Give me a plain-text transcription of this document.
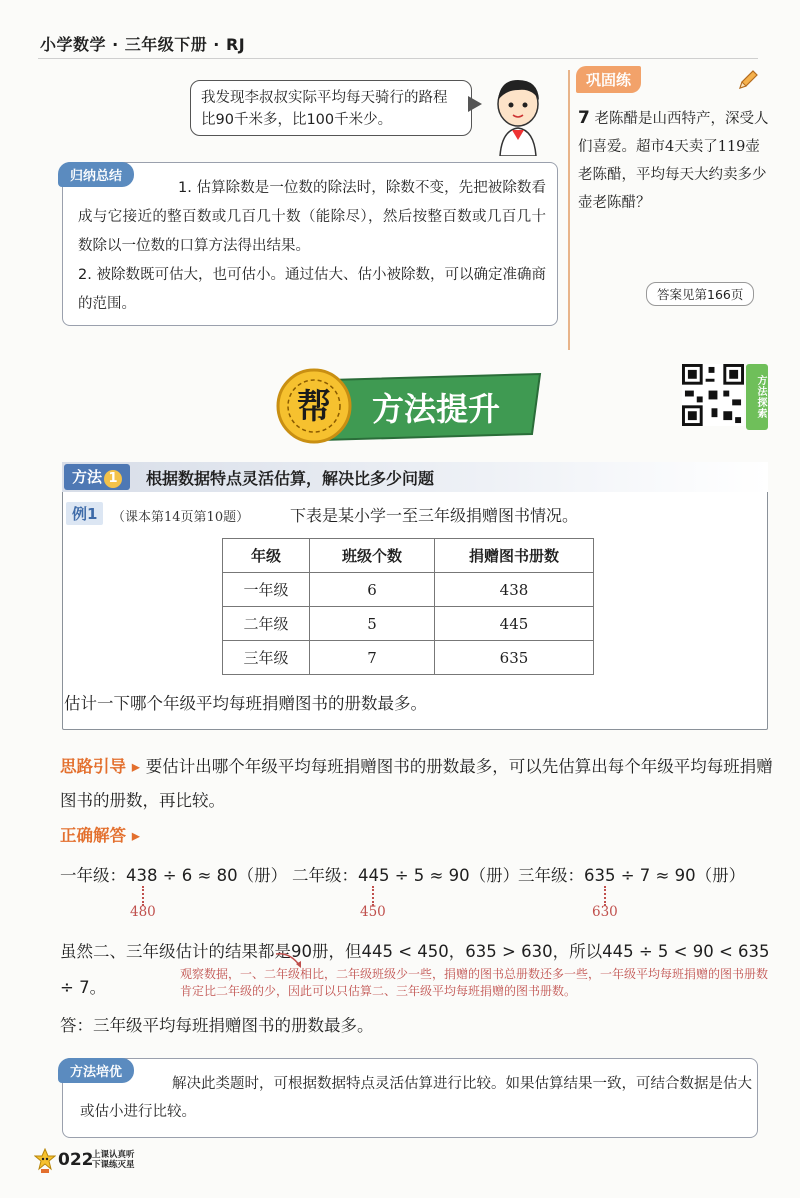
小学数学 · 三年级下册 · RJ
我发现李叔叔实际平均每天骑行的路程比90千米多，比100千米少。
归纳总结
1. 估算除数是一位数的除法时，除数不变，先把被除数看成与它接近的整百数或几百几十数（能除尽），然后按整百数或几百几十数除以一位数的口算方法得出结果。
2. 被除数既可估大，也可估小。通过估大、估小被除数，可以确定准确商的范围。
巩固练
7 老陈醋是山西特产，深受人们喜爱。超市4天卖了119壶老陈醋，平均每天大约卖多少壶老陈醋？
答案见第166页
帮 方法提升	方法探索
方法 1	根据数据特点灵活估算，解决比多少问题
例1	（课本第14页第10题）	下表是某小学一至三年级捐赠图书情况。
年级	班级个数	捐赠图书册数
一年级	6	438
二年级	5	445
三年级	7	635
估计一下哪个年级平均每班捐赠图书的册数最多。
思路引导 ▸ 要估计出哪个年级平均每班捐赠图书的册数最多，可以先估算出每个年级平均每班捐赠图书的册数，再比较。
正确解答 ▸
一年级：438 ÷ 6 ≈ 80（册） 二年级：445 ÷ 5 ≈ 90（册）
三年级：635 ÷ 7 ≈ 90（册）
480	450	630
虽然二、三年级估计的结果都是90册，但445 < 450，635 > 630，所以445 ÷ 5 < 90 < 635 ÷ 7。
观察数据，一、二年级相比，二年级班级少一些，捐赠的图书总册数还多一些，一年级平均每班捐赠的图书册数肯定比二年级的少，因此可以只估算二、三年级平均每班捐赠的图书册数。
答：三年级平均每班捐赠图书的册数最多。
方法培优
解决此类题时，可根据数据特点灵活估算进行比较。如果估算结果一致，可结合数据是估大或估小进行比较。
022
上课认真听
下课练灭星
